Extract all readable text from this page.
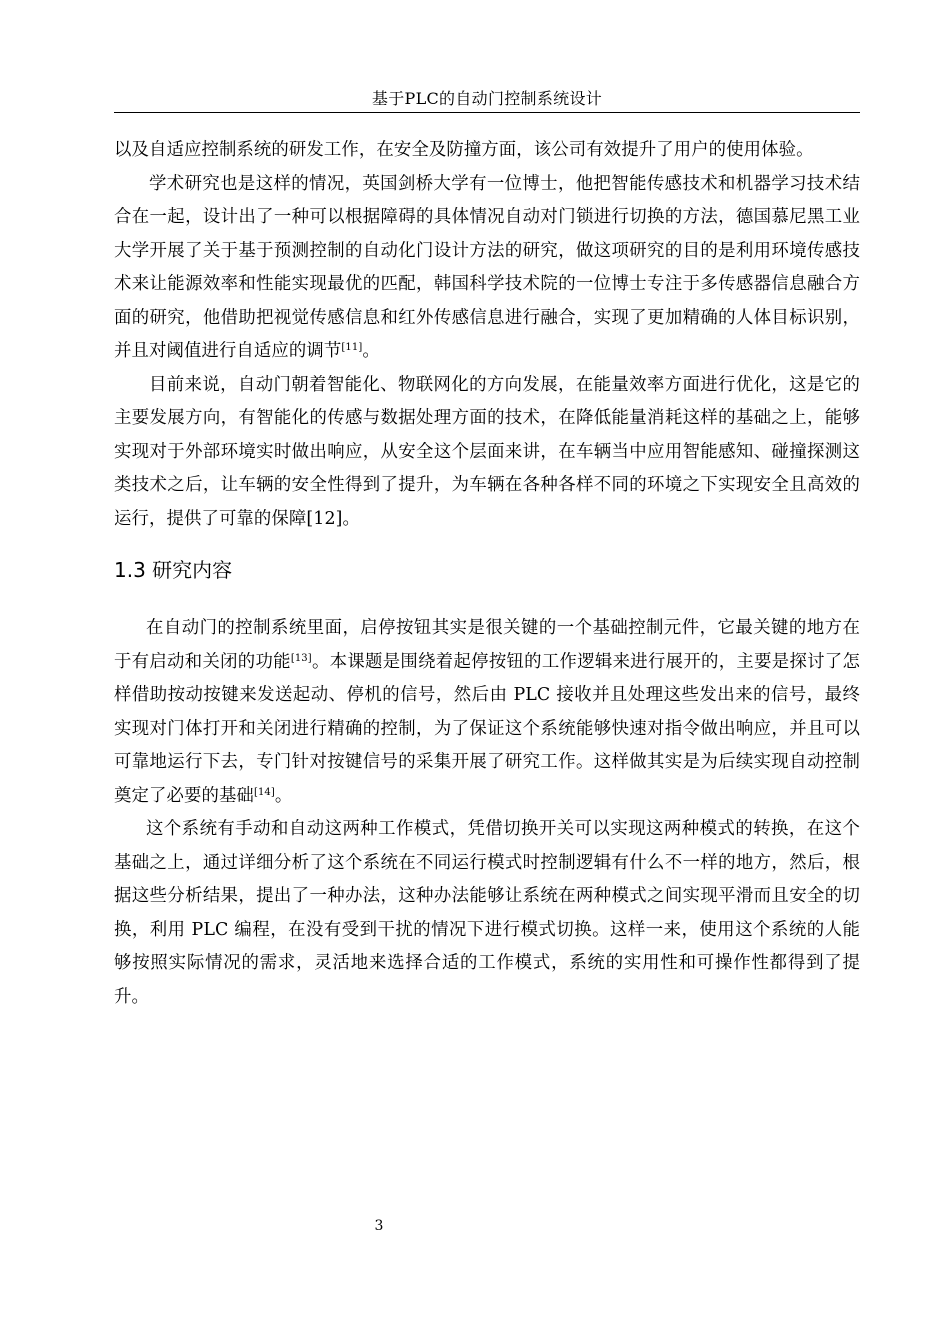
基于PLC的自动门控制系统设计

以及自适应控制系统的研发工作，在安全及防撞方面，该公司有效提升了用户的使用体验。

学术研究也是这样的情况，英国剑桥大学有一位博士，他把智能传感技术和机器学习技术结合在一起，设计出了一种可以根据障碍的具体情况自动对门锁进行切换的方法，德国慕尼黑工业大学开展了关于基于预测控制的自动化门设计方法的研究，做这项研究的目的是利用环境传感技术来让能源效率和性能实现最优的匹配，韩国科学技术院的一位博士专注于多传感器信息融合方面的研究，他借助把视觉传感信息和红外传感信息进行融合，实现了更加精确的人体目标识别，并且对阈值进行自适应的调节[11]。

目前来说，自动门朝着智能化、物联网化的方向发展，在能量效率方面进行优化，这是它的主要发展方向，有智能化的传感与数据处理方面的技术，在降低能量消耗这样的基础之上，能够实现对于外部环境实时做出响应，从安全这个层面来讲，在车辆当中应用智能感知、碰撞探测这类技术之后，让车辆的安全性得到了提升，为车辆在各种各样不同的环境之下实现安全且高效的运行，提供了可靠的保障[12]。

1.3 研究内容

在自动门的控制系统里面，启停按钮其实是很关键的一个基础控制元件，它最关键的地方在于有启动和关闭的功能[13]。本课题是围绕着起停按钮的工作逻辑来进行展开的，主要是探讨了怎样借助按动按键来发送起动、停机的信号，然后由 PLC 接收并且处理这些发出来的信号，最终实现对门体打开和关闭进行精确的控制，为了保证这个系统能够快速对指令做出响应，并且可以可靠地运行下去，专门针对按键信号的采集开展了研究工作。这样做其实是为后续实现自动控制奠定了必要的基础[14]。

这个系统有手动和自动这两种工作模式，凭借切换开关可以实现这两种模式的转换，在这个基础之上，通过详细分析了这个系统在不同运行模式时控制逻辑有什么不一样的地方，然后，根据这些分析结果，提出了一种办法，这种办法能够让系统在两种模式之间实现平滑而且安全的切换，利用 PLC 编程，在没有受到干扰的情况下进行模式切换。这样一来，使用这个系统的人能够按照实际情况的需求，灵活地来选择合适的工作模式，系统的实用性和可操作性都得到了提升。

3
